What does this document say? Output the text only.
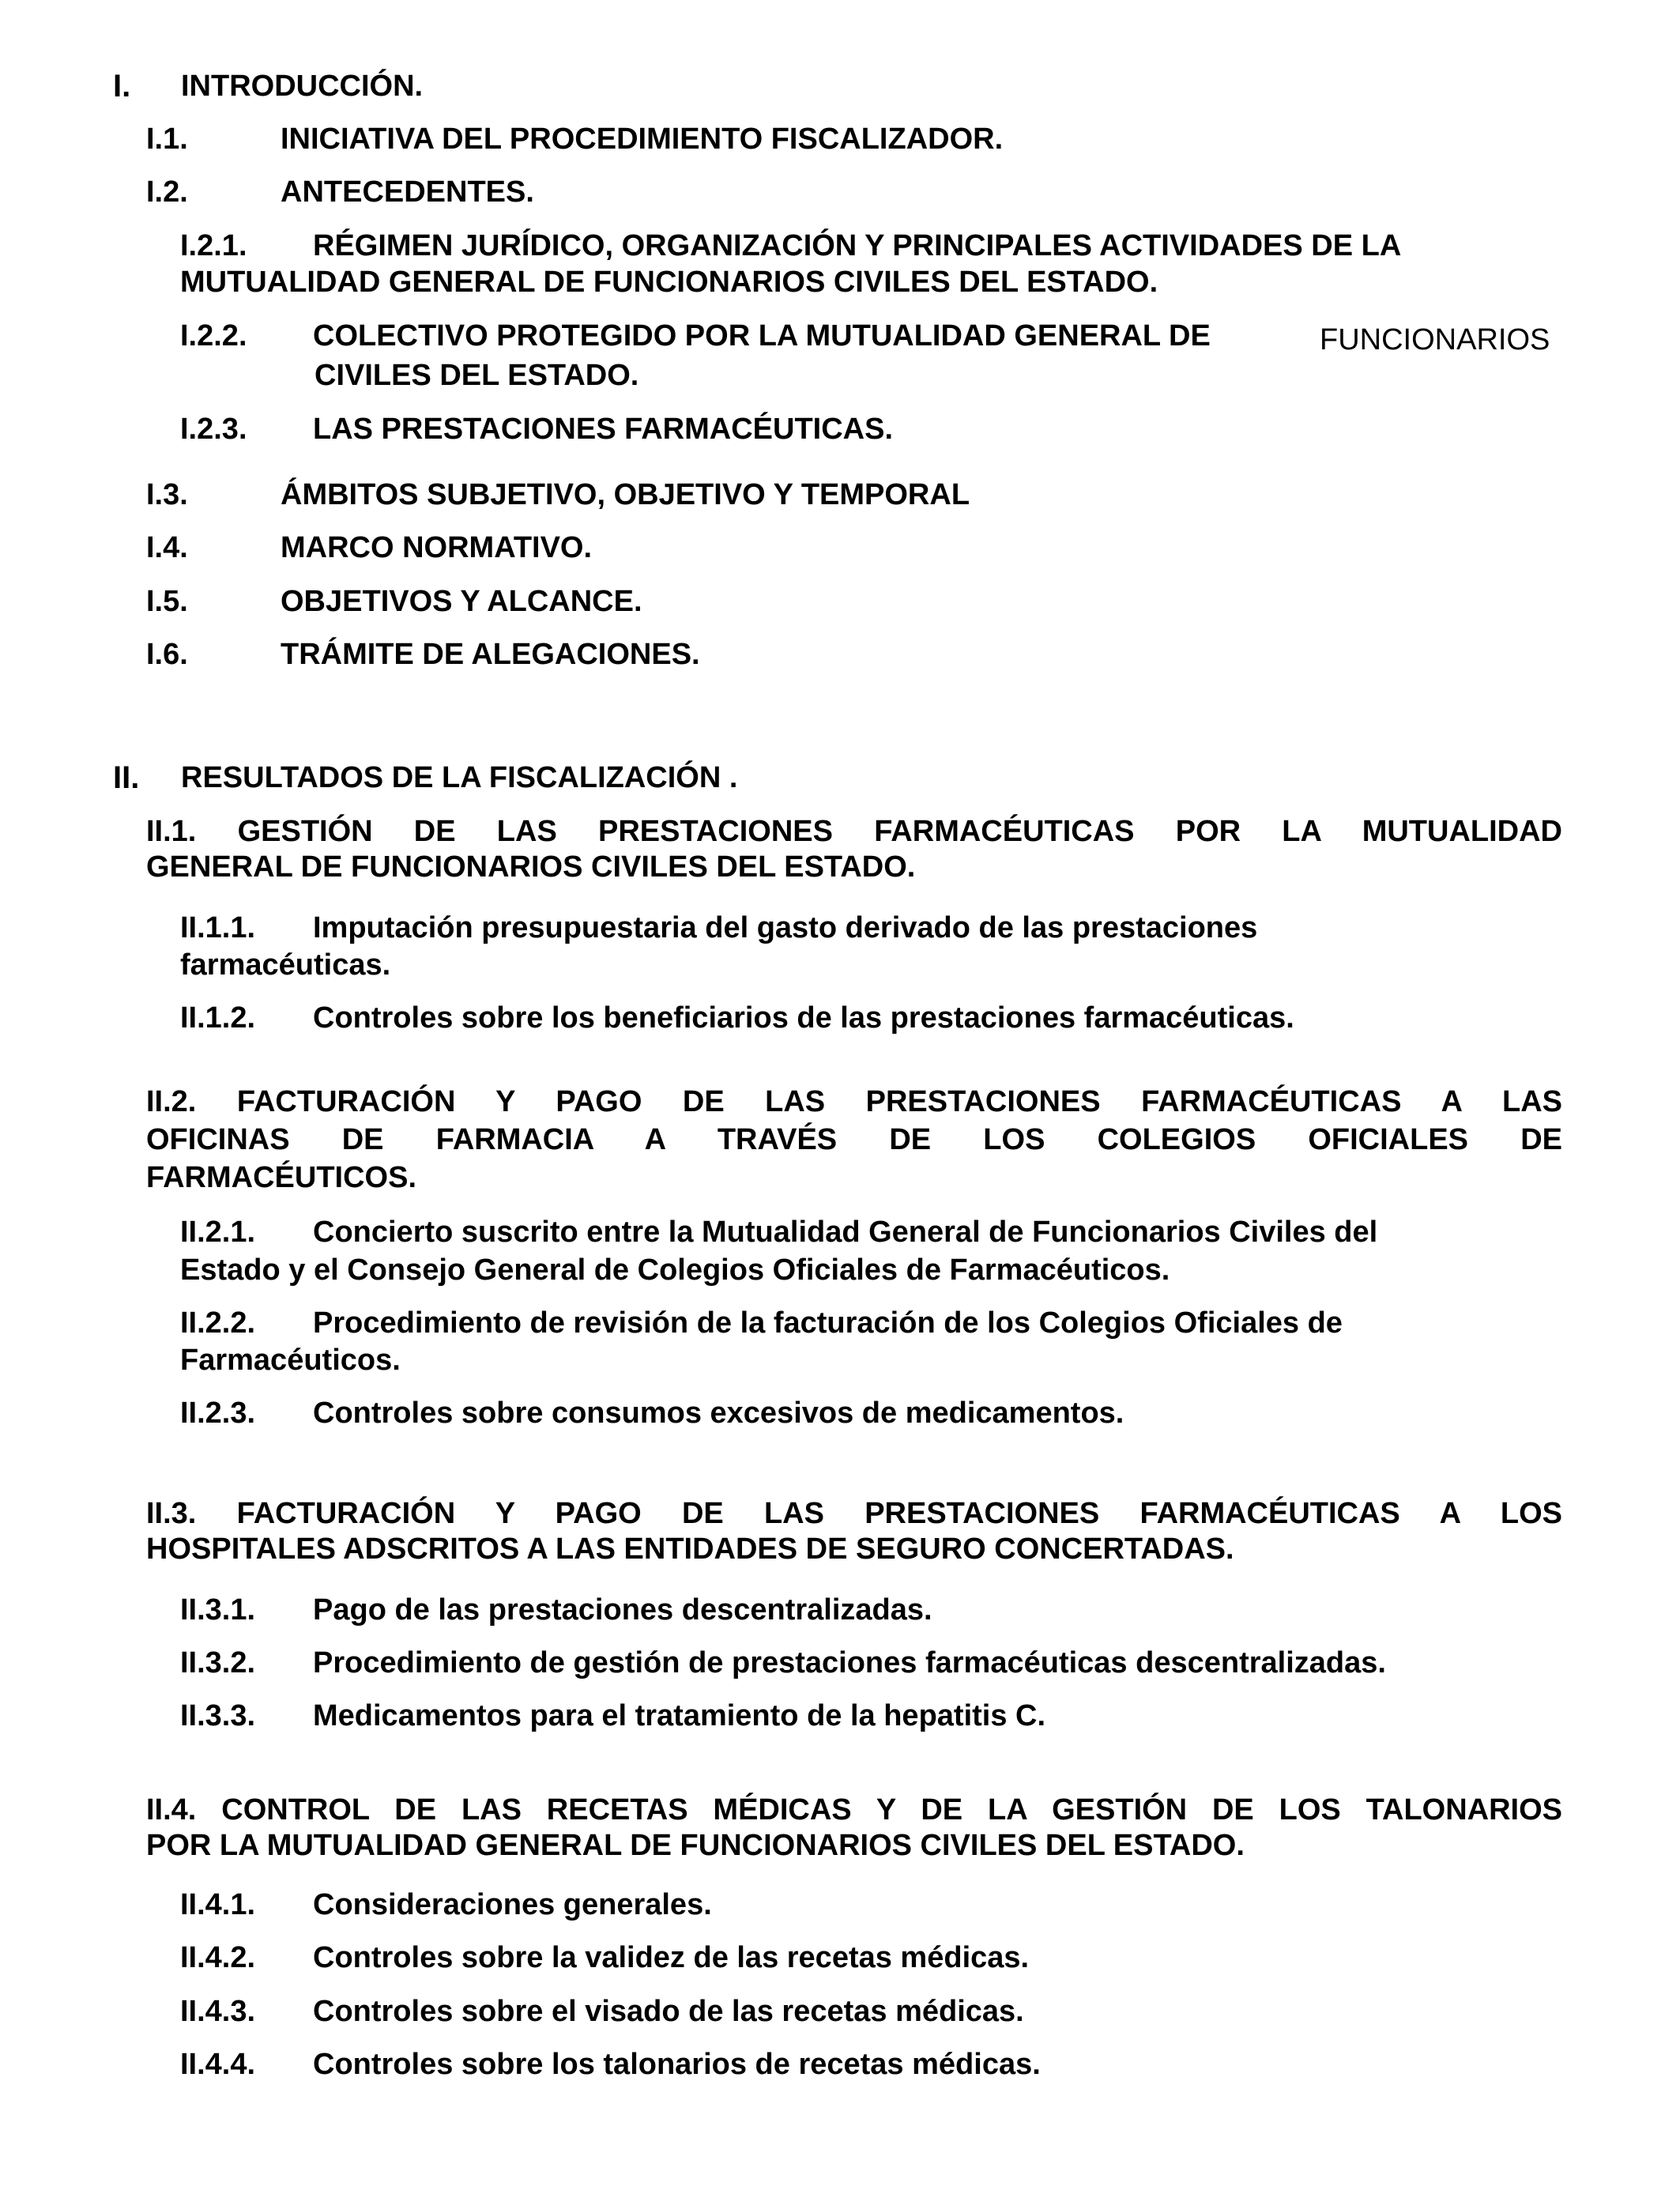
I. INTRODUCCIÓN.
I.1.	INICIATIVA DEL PROCEDIMIENTO FISCALIZADOR.
I.2.	ANTECEDENTES.
I.2.1. RÉGIMEN JURÍDICO, ORGANIZACIÓN Y PRINCIPALES ACTIVIDADES DE LA
MUTUALIDAD GENERAL DE FUNCIONARIOS CIVILES DEL ESTADO.
I.2.2. COLECTIVO PROTEGIDO POR LA MUTUALIDAD GENERAL DE	FUNCIONARIOS
CIVILES DEL ESTADO.
I.2.3. LAS PRESTACIONES FARMACÉUTICAS.
I.3.	ÁMBITOS SUBJETIVO, OBJETIVO Y TEMPORAL
I.4.	MARCO NORMATIVO.
I.5.	OBJETIVOS Y ALCANCE.
I.6.	TRÁMITE DE ALEGACIONES.
II. RESULTADOS DE LA FISCALIZACIÓN .
II.1. GESTIÓN DE LAS PRESTACIONES FARMACÉUTICAS POR LA MUTUALIDAD
GENERAL DE FUNCIONARIOS CIVILES DEL ESTADO.
II.1.1. Imputación presupuestaria del gasto derivado de las prestaciones
farmacéuticas.
II.1.2. Controles sobre los beneficiarios de las prestaciones farmacéuticas.
II.2. FACTURACIÓN Y PAGO DE LAS PRESTACIONES FARMACÉUTICAS A LAS
OFICINAS DE FARMACIA A TRAVÉS DE LOS COLEGIOS OFICIALES DE
FARMACÉUTICOS.
II.2.1. Concierto suscrito entre la Mutualidad General de Funcionarios Civiles del
Estado y el Consejo General de Colegios Oficiales de Farmacéuticos.
II.2.2. Procedimiento de revisión de la facturación de los Colegios Oficiales de
Farmacéuticos.
II.2.3. Controles sobre consumos excesivos de medicamentos.
II.3. FACTURACIÓN Y PAGO DE LAS PRESTACIONES FARMACÉUTICAS A LOS
HOSPITALES ADSCRITOS A LAS ENTIDADES DE SEGURO CONCERTADAS.
II.3.1. Pago de las prestaciones descentralizadas.
II.3.2. Procedimiento de gestión de prestaciones farmacéuticas descentralizadas.
II.3.3. Medicamentos para el tratamiento de la hepatitis C.
II.4. CONTROL DE LAS RECETAS MÉDICAS Y DE LA GESTIÓN DE LOS TALONARIOS
POR LA MUTUALIDAD GENERAL DE FUNCIONARIOS CIVILES DEL ESTADO.
II.4.1. Consideraciones generales.
II.4.2. Controles sobre la validez de las recetas médicas.
II.4.3. Controles sobre el visado de las recetas médicas.
II.4.4. Controles sobre los talonarios de recetas médicas.
